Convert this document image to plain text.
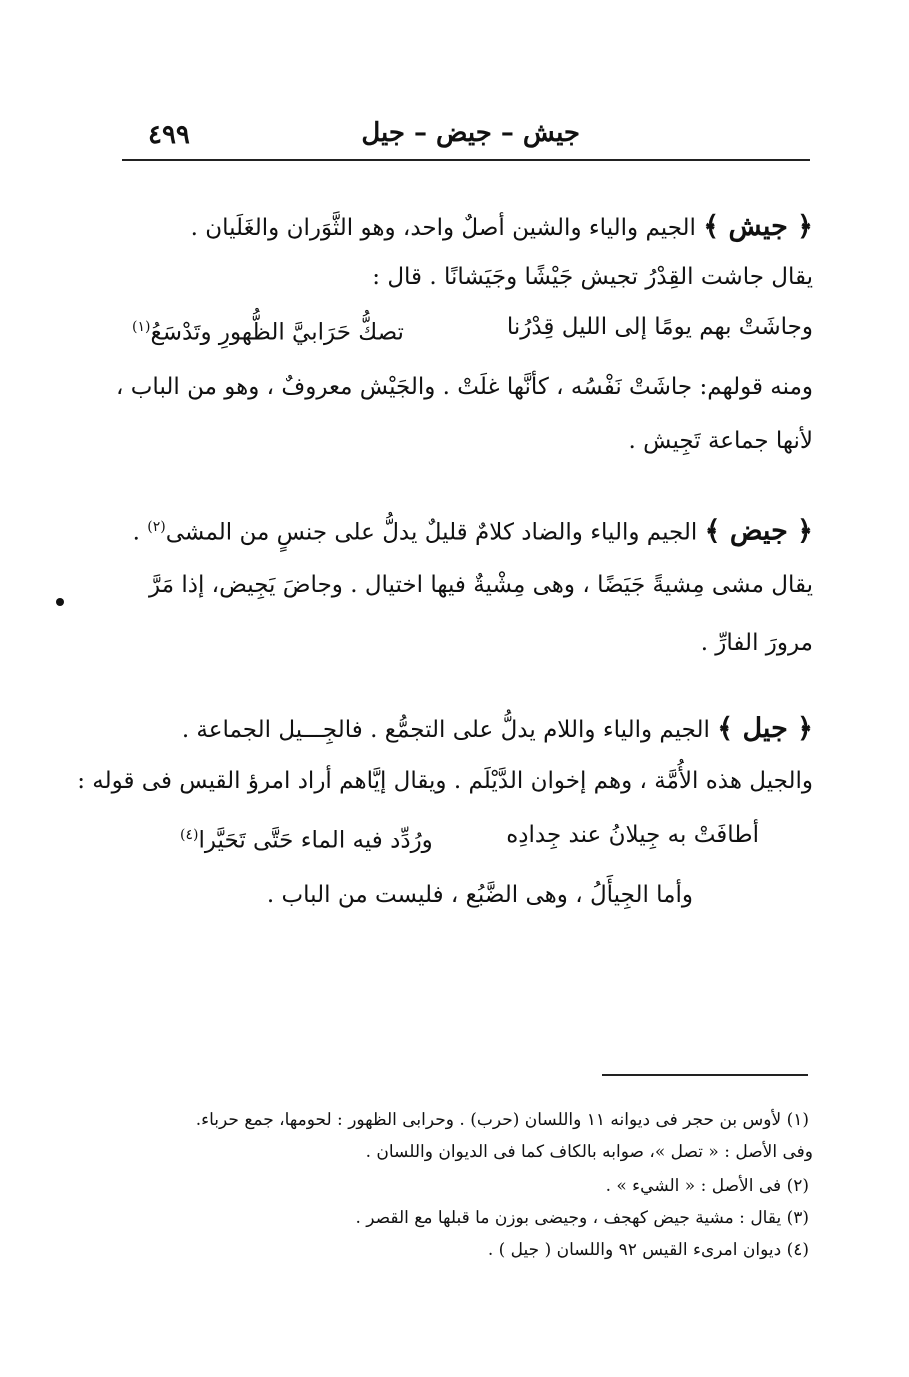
جيش – جيض – جيل
٤٩٩
﴿ جيش ﴾ الجيم والياء والشين أصلٌ واحد، وهو الثَّوَران والغَلَيان .
يقال جاشت القِدْرُ تجيش جَيْشًا وجَيَشانًا . قال :
وجاشَتْ بهم يومًا إلى الليل قِدْرُنا
تصكُّ حَرَابيَّ الظُّهورِ وتَدْسَعُ$^{(١)}$
ومنه قولهم: جاشَتْ نَفْسُه ، كأنَّها غلَتْ . والجَيْش معروفٌ ، وهو من الباب ،
لأنها جماعة تَجِيش .
﴿ جيض ﴾ الجيم والياء والضاد كلامٌ قليلٌ يدلُّ على جنسٍ من المشى$^{(٢)}$ .
يقال مشى مِشيةً جَيَضًا ، وهى مِشْيةٌ فيها اختيال . وجاضَ يَجِيض، إذا مَرَّ
مرورَ الفارِّ .
﴿ جيل ﴾ الجيم والياء واللام يدلُّ على التجمُّع . فالجِـــيل الجماعة .
والجيل هذه الأُمَّة ، وهم إخوان الدَّيْلَم . ويقال إيَّاهم أراد امرؤ القيس فى قوله :
أطافَتْ به جِيلانُ عند جِدادِه
ورُدِّد فيه الماء حَتَّى تَحَيَّرا$^{(٤)}$
وأما الجِيأَلُ ، وهى الضَّبُع ، فليست من الباب .
(١) لأوس بن حجر فى ديوانه ١١ واللسان (حرب) . وحرابى الظهور : لحومها، جمع حرباء.
وفى الأصل : « تصل »، صوابه بالكاف كما فى الديوان واللسان .
(٢) فى الأصل : « الشيء » .
(٣) يقال : مشية جيض كهجف ، وجيضى بوزن ما قبلها مع القصر .
(٤) ديوان امرىء القيس ٩٢ واللسان ( جيل ) .
